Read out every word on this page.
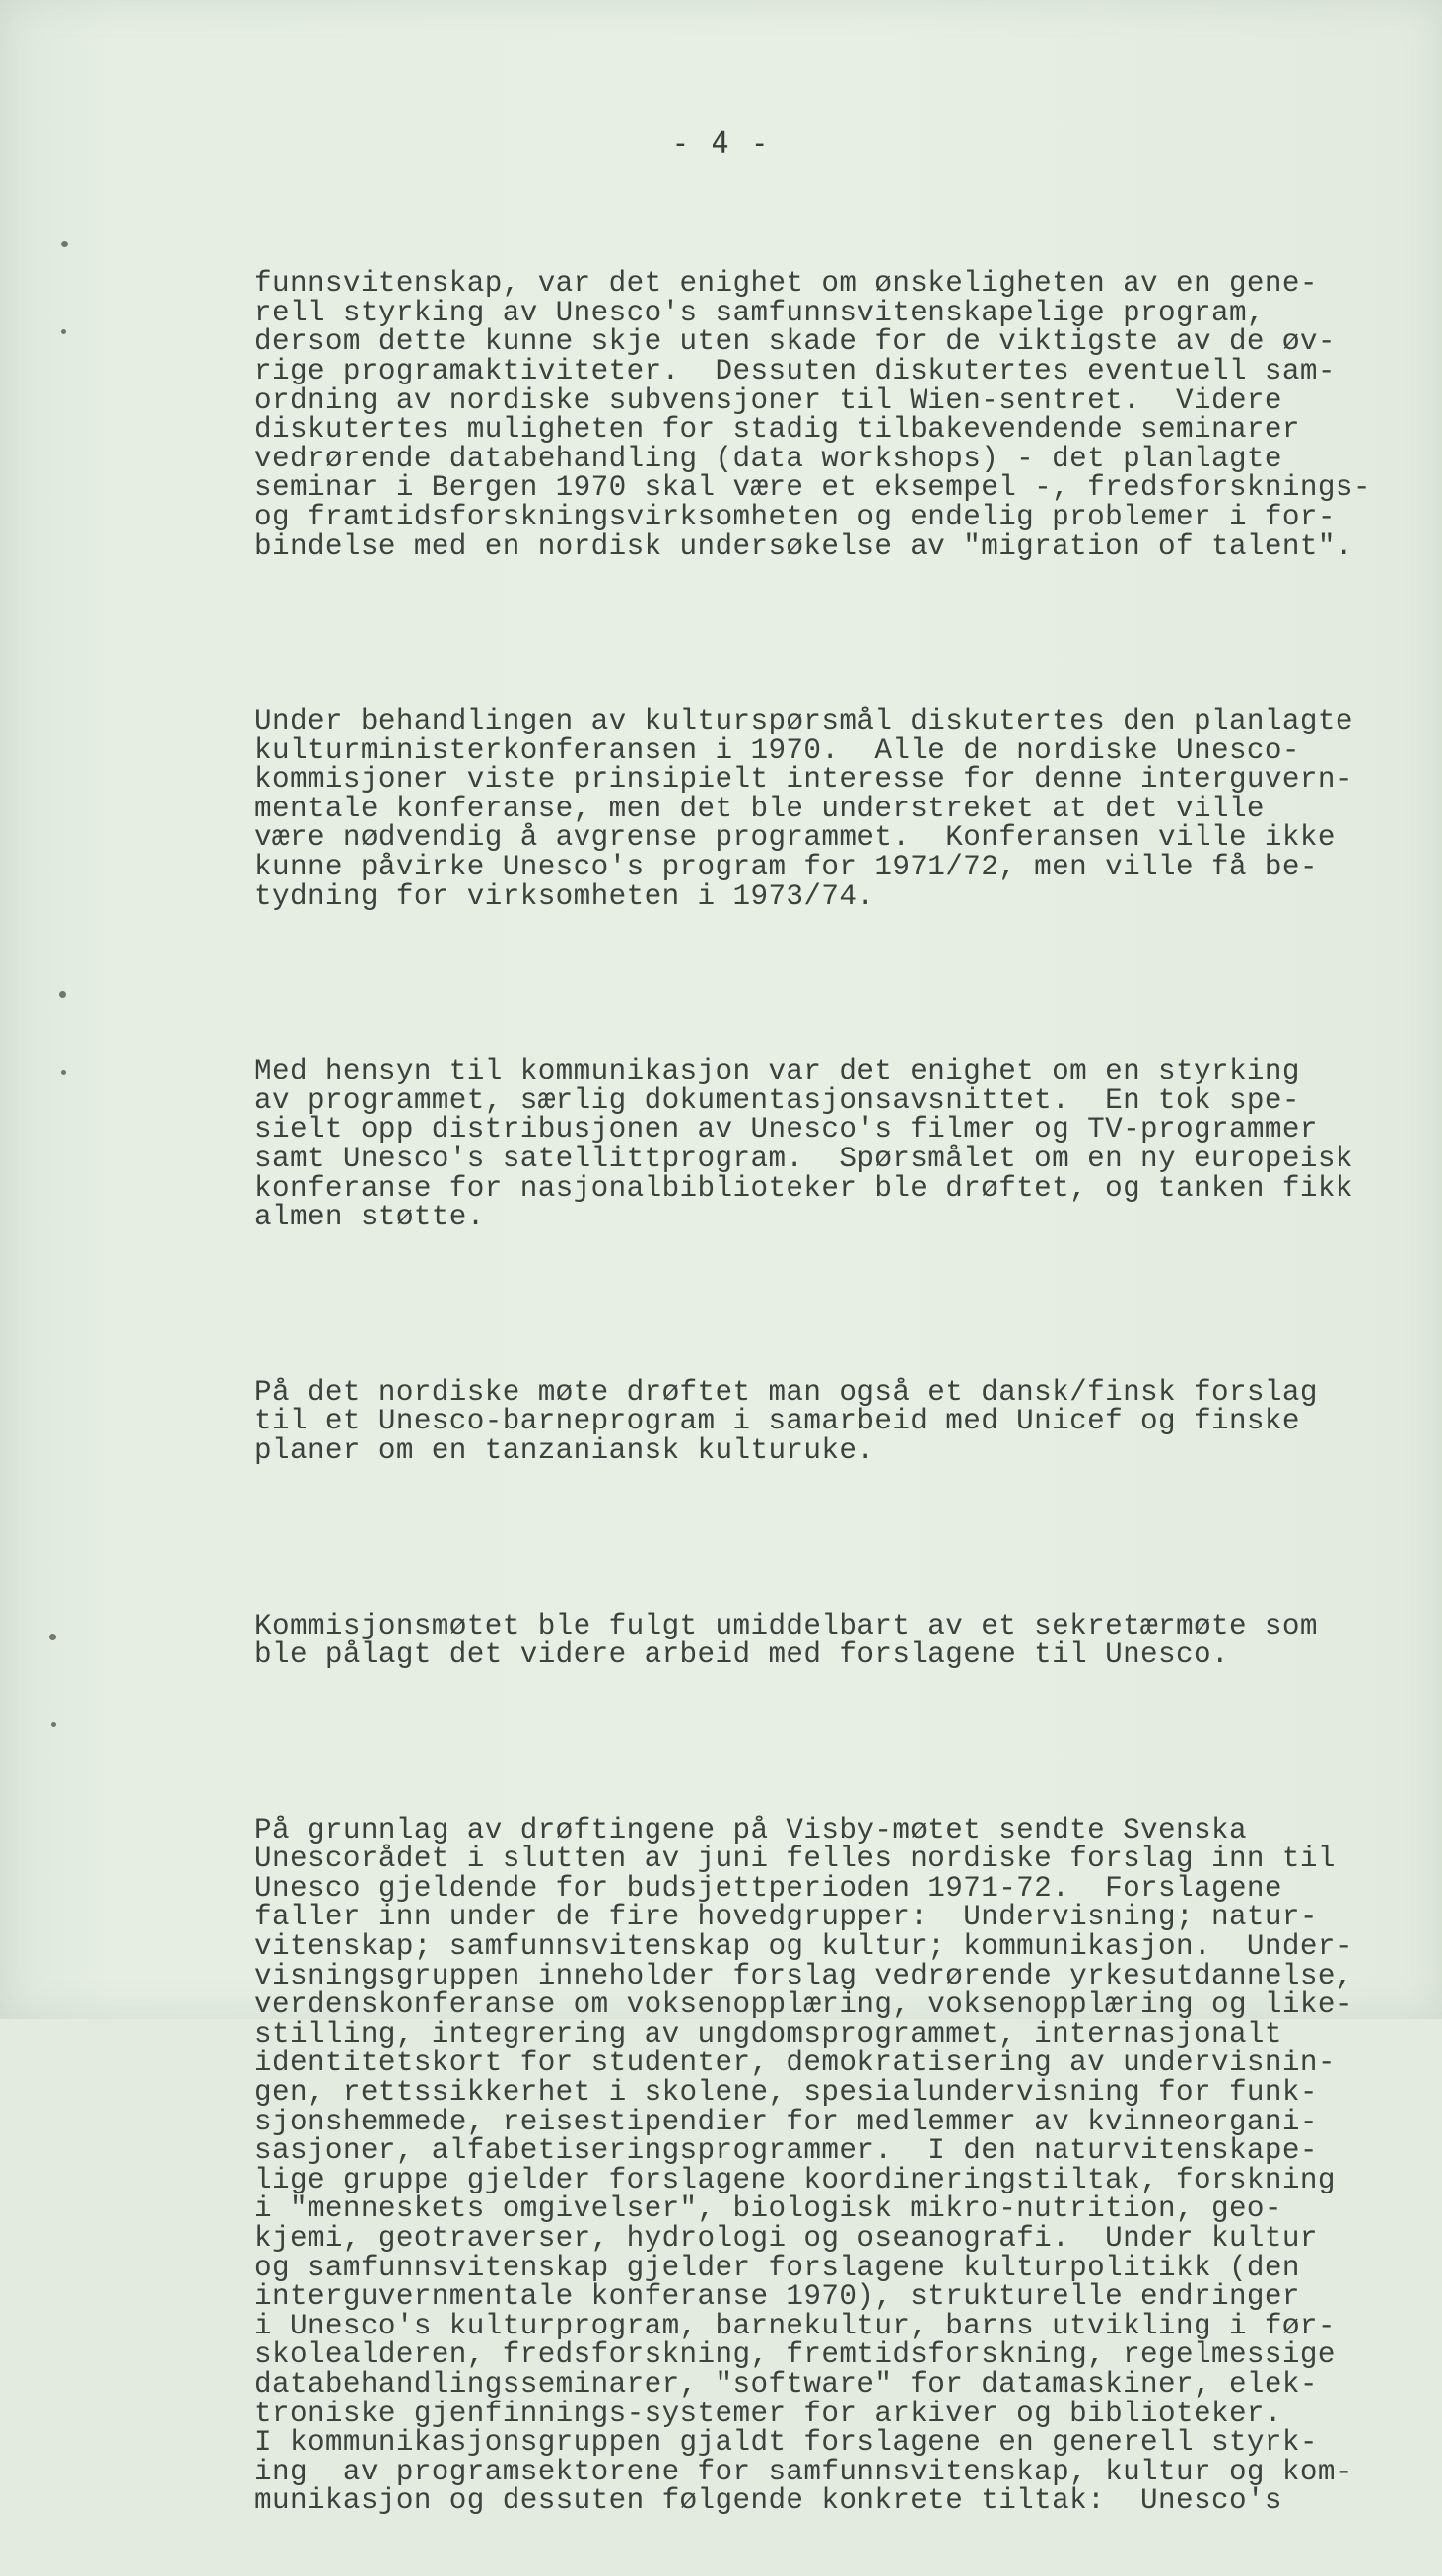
- 4 -

funnsvitenskap, var det enighet om ønskeligheten av en gene-
rell styrking av Unesco's samfunnsvitenskapelige program,
dersom dette kunne skje uten skade for de viktigste av de øv-
rige programaktiviteter.  Dessuten diskutertes eventuell sam-
ordning av nordiske subvensjoner til Wien-sentret.  Videre
diskutertes muligheten for stadig tilbakevendende seminarer
vedrørende databehandling (data workshops) - det planlagte
seminar i Bergen 1970 skal være et eksempel -, fredsforsknings-
og framtidsforskningsvirksomheten og endelig problemer i for-
bindelse med en nordisk undersøkelse av "migration of talent".

Under behandlingen av kulturspørsmål diskutertes den planlagte
kulturministerkonferansen i 1970.  Alle de nordiske Unesco-
kommisjoner viste prinsipielt interesse for denne interguvern-
mentale konferanse, men det ble understreket at det ville
være nødvendig å avgrense programmet.  Konferansen ville ikke
kunne påvirke Unesco's program for 1971/72, men ville få be-
tydning for virksomheten i 1973/74.

Med hensyn til kommunikasjon var det enighet om en styrking
av programmet, særlig dokumentasjonsavsnittet.  En tok spe-
sielt opp distribusjonen av Unesco's filmer og TV-programmer
samt Unesco's satellittprogram.  Spørsmålet om en ny europeisk
konferanse for nasjonalbiblioteker ble drøftet, og tanken fikk
almen støtte.

På det nordiske møte drøftet man også et dansk/finsk forslag
til et Unesco-barneprogram i samarbeid med Unicef og finske
planer om en tanzaniansk kulturuke.

Kommisjonsmøtet ble fulgt umiddelbart av et sekretærmøte som
ble pålagt det videre arbeid med forslagene til Unesco.

På grunnlag av drøftingene på Visby-møtet sendte Svenska
Unescorådet i slutten av juni felles nordiske forslag inn til
Unesco gjeldende for budsjettperioden 1971-72.  Forslagene
faller inn under de fire hovedgrupper:  Undervisning; natur-
vitenskap; samfunnsvitenskap og kultur; kommunikasjon.  Under-
visningsgruppen inneholder forslag vedrørende yrkesutdannelse,
verdenskonferanse om voksenopplæring, voksenopplæring og like-
stilling, integrering av ungdomsprogrammet, internasjonalt
identitetskort for studenter, demokratisering av undervisnin-
gen, rettssikkerhet i skolene, spesialundervisning for funk-
sjonshemmede, reisestipendier for medlemmer av kvinneorgani-
sasjoner, alfabetiseringsprogrammer.  I den naturvitenskape-
lige gruppe gjelder forslagene koordineringstiltak, forskning
i "menneskets omgivelser", biologisk mikro-nutrition, geo-
kjemi, geotraverser, hydrologi og oseanografi.  Under kultur
og samfunnsvitenskap gjelder forslagene kulturpolitikk (den
interguvernmentale konferanse 1970), strukturelle endringer
i Unesco's kulturprogram, barnekultur, barns utvikling i før-
skolealderen, fredsforskning, fremtidsforskning, regelmessige
databehandlingsseminarer, "software" for datamaskiner, elek-
troniske gjenfinnings-systemer for arkiver og biblioteker.
I kommunikasjonsgruppen gjaldt forslagene en generell styrk-
ing  av programsektorene for samfunnsvitenskap, kultur og kom-
munikasjon og dessuten følgende konkrete tiltak:  Unesco's
